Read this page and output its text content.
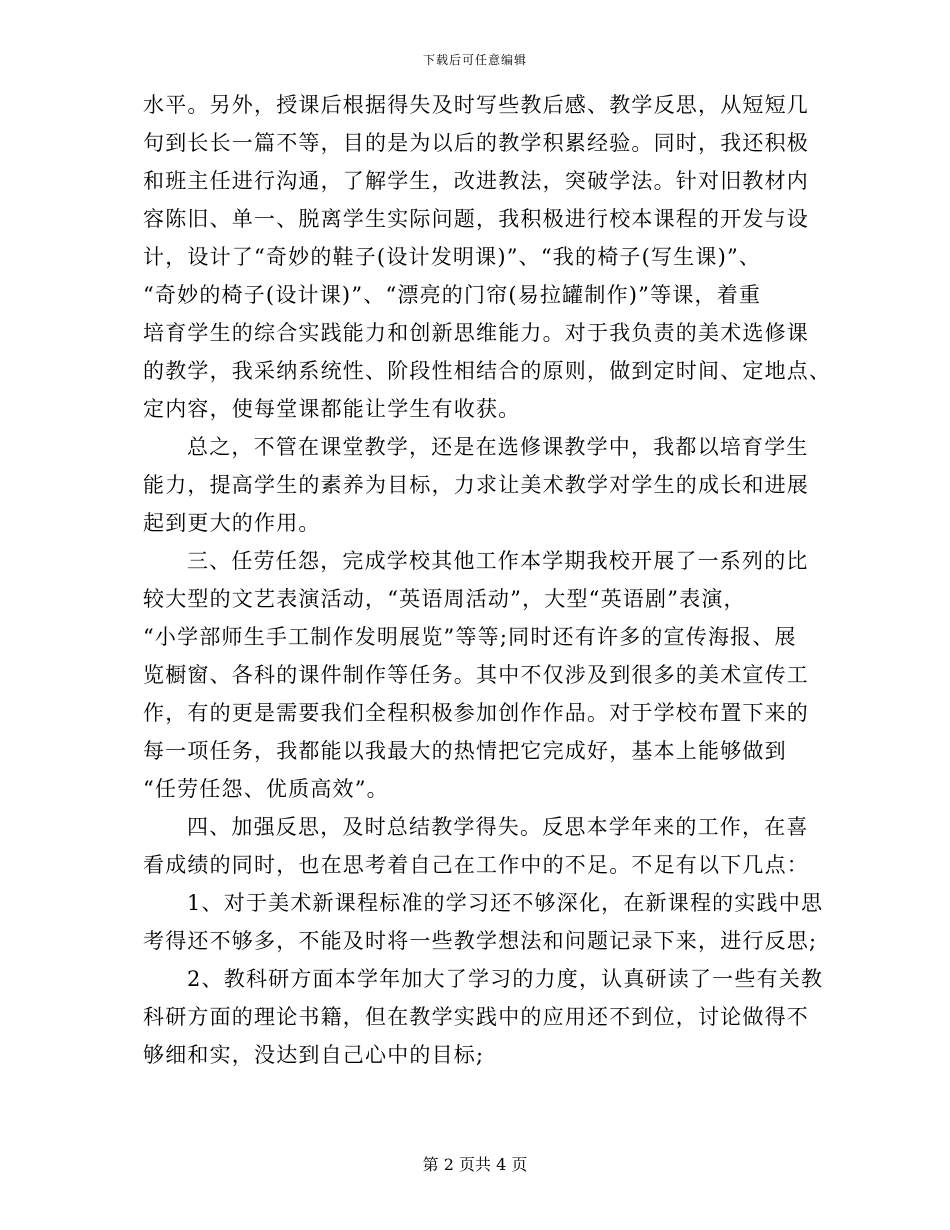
下载后可任意编辑
水平。另外，授课后根据得失及时写些教后感、教学反思，从短短几
句到长长一篇不等，目的是为以后的教学积累经验。同时，我还积极
和班主任进行沟通，了解学生，改进教法，突破学法。针对旧教材内
容陈旧、单一、脱离学生实际问题，我积极进行校本课程的开发与设
计，设计了“奇妙的鞋子(设计发明课)”、“我的椅子(写生课)”、
“奇妙的椅子(设计课)”、“漂亮的门帘(易拉罐制作)”等课，着重
培育学生的综合实践能力和创新思维能力。对于我负责的美术选修课
的教学，我采纳系统性、阶段性相结合的原则，做到定时间、定地点、
定内容，使每堂课都能让学生有收获。
总之，不管在课堂教学，还是在选修课教学中，我都以培育学生
能力，提高学生的素养为目标，力求让美术教学对学生的成长和进展
起到更大的作用。
三、任劳任怨，完成学校其他工作本学期我校开展了一系列的比
较大型的文艺表演活动，“英语周活动”，大型“英语剧”表演，
“小学部师生手工制作发明展览”等等;同时还有许多的宣传海报、展
览橱窗、各科的课件制作等任务。其中不仅涉及到很多的美术宣传工
作，有的更是需要我们全程积极参加创作作品。对于学校布置下来的
每一项任务，我都能以我最大的热情把它完成好，基本上能够做到
“任劳任怨、优质高效”。
四、加强反思，及时总结教学得失。反思本学年来的工作，在喜
看成绩的同时，也在思考着自己在工作中的不足。不足有以下几点：
1、对于美术新课程标准的学习还不够深化，在新课程的实践中思
考得还不够多，不能及时将一些教学想法和问题记录下来，进行反思;
2、教科研方面本学年加大了学习的力度，认真研读了一些有关教
科研方面的理论书籍，但在教学实践中的应用还不到位，讨论做得不
够细和实，没达到自己心中的目标;
第 2 页共 4 页
